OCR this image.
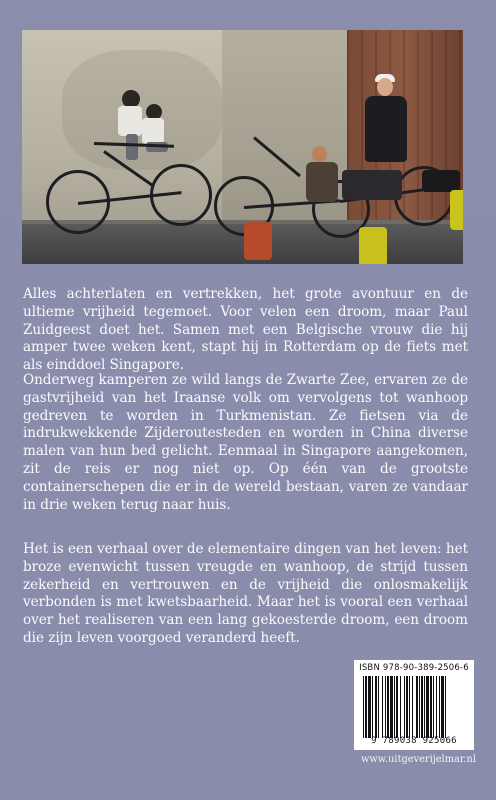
Alles achterlaten en vertrekken, het grote avontuur en de ultieme vrijheid tegemoet. Voor velen een droom, maar Paul Zuidgeest doet het. Samen met een Belgische vrouw die hij amper twee weken kent, stapt hij in Rotterdam op de fiets met als einddoel Singapore.

Onderweg kamperen ze wild langs de Zwarte Zee, ervaren ze de gastvrijheid van het Iraanse volk om vervolgens tot wanhoop gedreven te worden in Turkmenistan. Ze fietsen via de indrukwekkende Zijderoutesteden en worden in China diverse malen van hun bed gelicht. Eenmaal in Singapore aangekomen, zit de reis er nog niet op. Op één van de grootste containerschepen die er in de wereld bestaan, varen ze vandaar in drie weken terug naar huis.

Het is een verhaal over de elementaire dingen van het leven: het broze evenwicht tussen vreugde en wanhoop, de strijd tussen zekerheid en vertrouwen en de vrijheid die onlosmakelijk verbonden is met kwetsbaarheid. Maar het is vooral een verhaal over het realiseren van een lang gekoesterde droom, een droom die zijn leven voorgoed veranderd heeft.

ISBN 978-90-389-2506-6
9 789038 925066
www.uitgeverijelmar.nl
